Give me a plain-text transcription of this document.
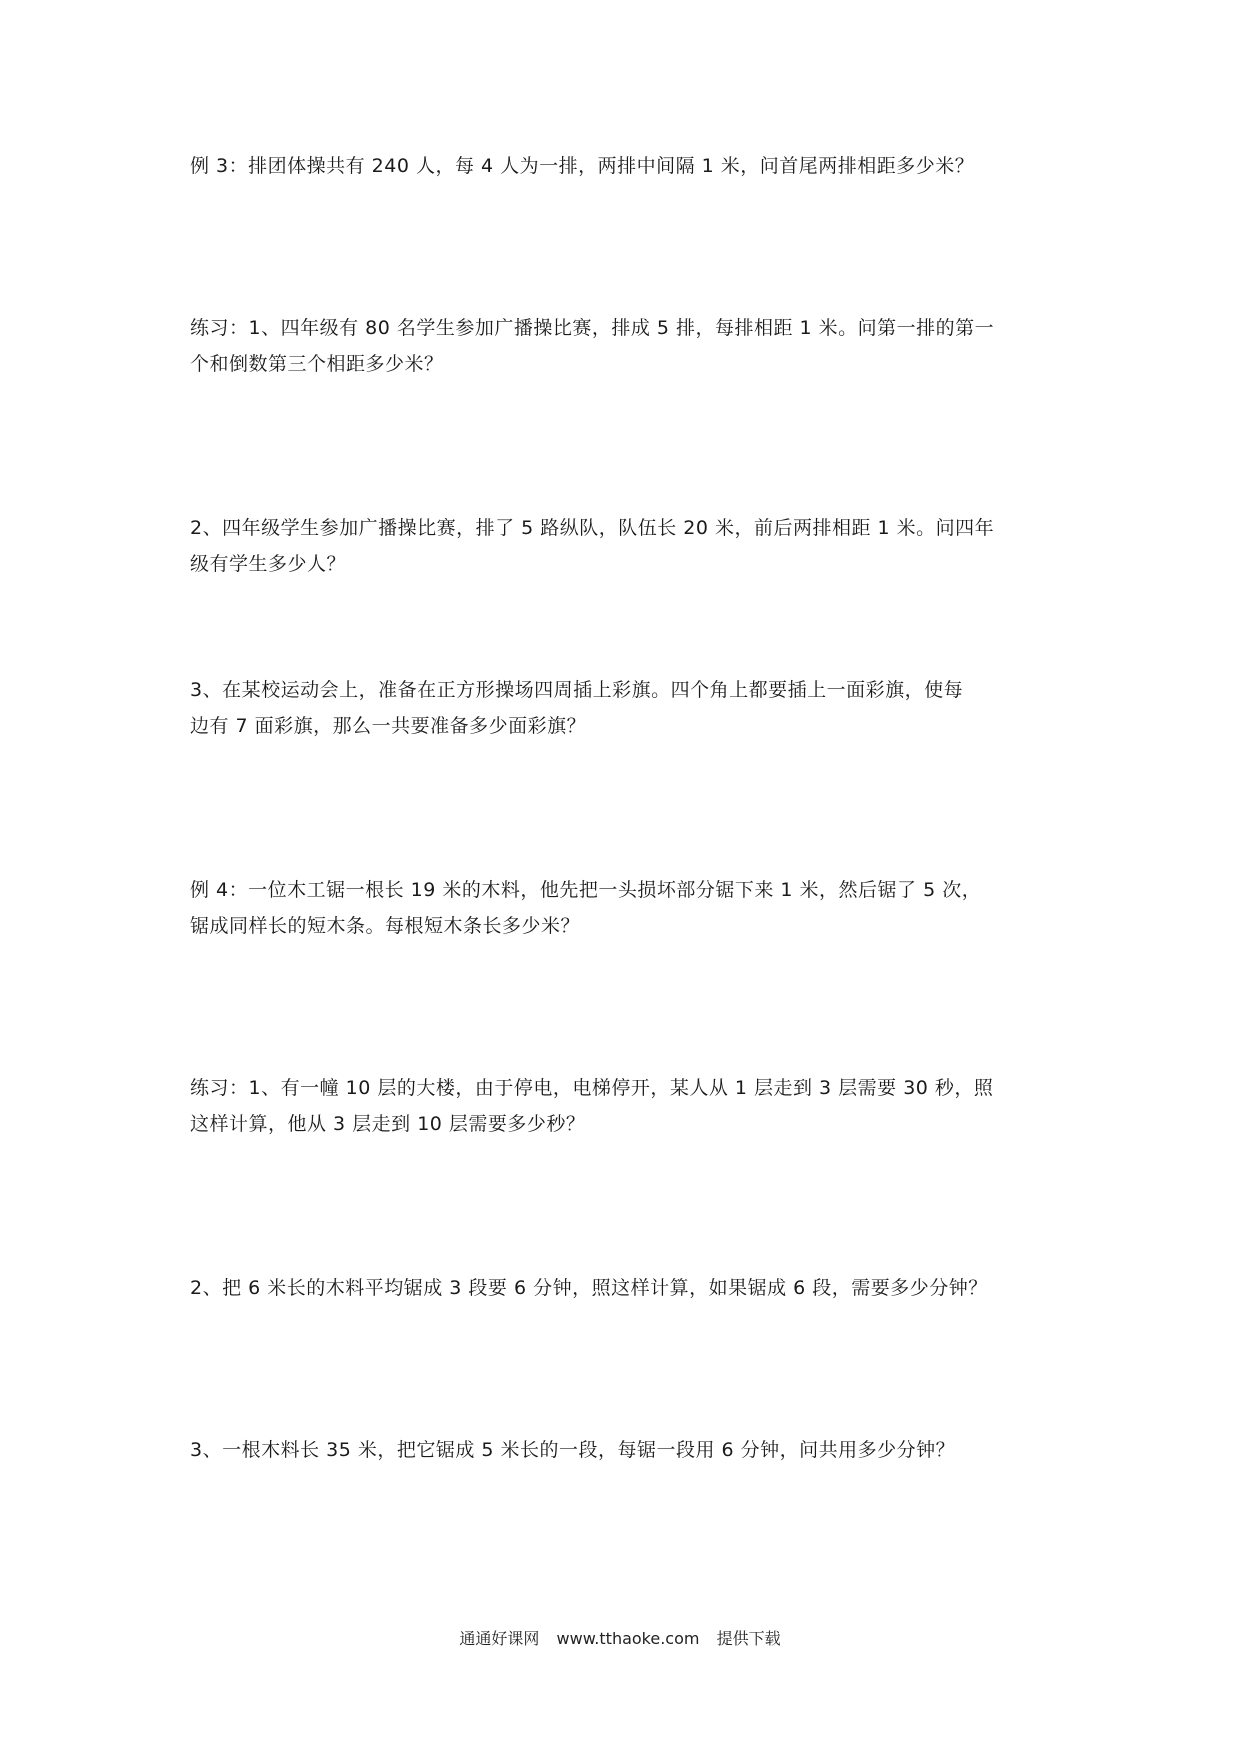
例 3：排团体操共有 240 人，每 4 人为一排，两排中间隔 1 米，问首尾两排相距多少米？

练习：1、四年级有 80 名学生参加广播操比赛，排成 5 排，每排相距 1 米。问第一排的第一
个和倒数第三个相距多少米？

2、四年级学生参加广播操比赛，排了 5 路纵队，队伍长 20 米，前后两排相距 1 米。问四年
级有学生多少人？

3、在某校运动会上，准备在正方形操场四周插上彩旗。四个角上都要插上一面彩旗，使每
边有 7 面彩旗，那么一共要准备多少面彩旗？

例 4：一位木工锯一根长 19 米的木料，他先把一头损坏部分锯下来 1 米，然后锯了 5 次，
锯成同样长的短木条。每根短木条长多少米？

练习：1、有一幢 10 层的大楼，由于停电，电梯停开，某人从 1 层走到 3 层需要 30 秒，照
这样计算，他从 3 层走到 10 层需要多少秒？

2、把 6 米长的木料平均锯成 3 段要 6 分钟，照这样计算，如果锯成 6 段，需要多少分钟？

3、一根木料长 35 米，把它锯成 5 米长的一段，每锯一段用 6 分钟，问共用多少分钟？

通通好课网 www.tthaoke.com 提供下载
